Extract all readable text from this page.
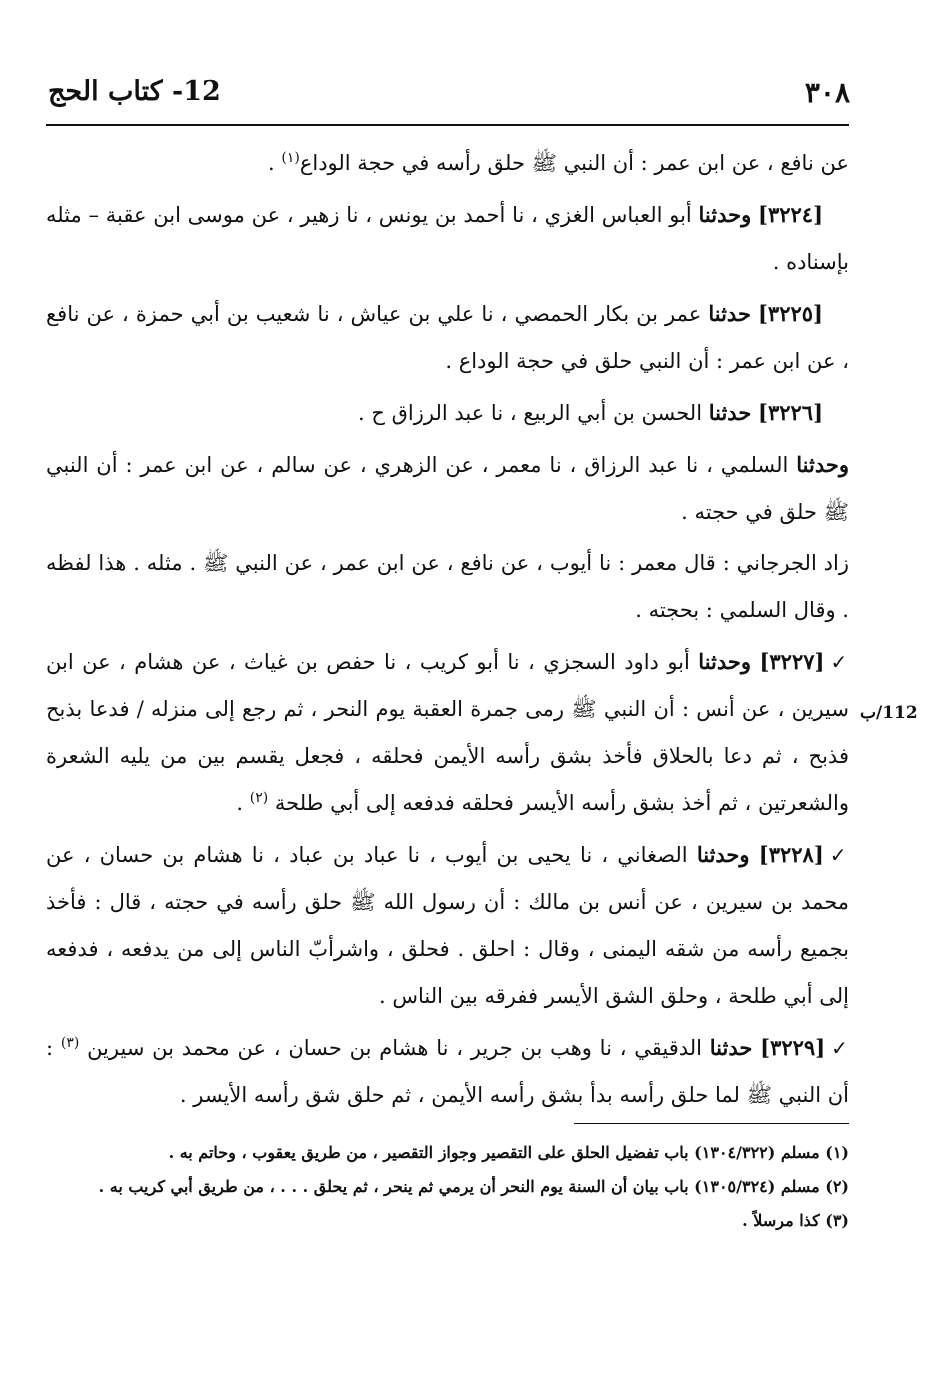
٣٠٨
12- كتاب الحج
112/ب

عن نافع ، عن ابن عمر : أن النبي ﷺ حلق رأسه في حجة الوداع$^{(١)}$ .

[٣٢٢٤] وحدثنا أبو العباس الغزي ، نا أحمد بن يونس ، نا زهير ، عن موسى ابن عقبة – مثله بإسناده .

[٣٢٢٥] حدثنا عمر بن بكار الحمصي ، نا علي بن عياش ، نا شعيب بن أبي حمزة ، عن نافع ، عن ابن عمر : أن النبي حلق في حجة الوداع .

[٣٢٢٦] حدثنا الحسن بن أبي الربيع ، نا عبد الرزاق ح .

وحدثنا السلمي ، نا عبد الرزاق ، نا معمر ، عن الزهري ، عن سالم ، عن ابن عمر : أن النبي ﷺ حلق في حجته .

زاد الجرجاني : قال معمر : نا أيوب ، عن نافع ، عن ابن عمر ، عن النبي ﷺ . مثله . هذا لفظه . وقال السلمي : بحجته .

✓[٣٢٢٧] وحدثنا أبو داود السجزي ، نا أبو كريب ، نا حفص بن غياث ، عن هشام ، عن ابن سيرين ، عن أنس : أن النبي ﷺ رمى جمرة العقبة يوم النحر ، ثم رجع إلى منزله / فدعا بذبح فذبح ، ثم دعا بالحلاق فأخذ بشق رأسه الأيمن فحلقه ، فجعل يقسم بين من يليه الشعرة والشعرتين ، ثم أخذ بشق رأسه الأيسر فحلقه فدفعه إلى أبي طلحة $^{(٢)}$ .

✓[٣٢٢٨] وحدثنا الصغاني ، نا يحيى بن أيوب ، نا عباد بن عباد ، نا هشام بن حسان ، عن محمد بن سيرين ، عن أنس بن مالك : أن رسول الله ﷺ حلق رأسه في حجته ، قال : فأخذ بجميع رأسه من شقه اليمنى ، وقال : احلق . فحلق ، واشرأبّ الناس إلى من يدفعه ، فدفعه إلى أبي طلحة ، وحلق الشق الأيسر ففرقه بين الناس .

✓[٣٢٢٩] حدثنا الدقيقي ، نا وهب بن جرير ، نا هشام بن حسان ، عن محمد بن سيرين $^{(٣)}$ : أن النبي ﷺ لما حلق رأسه بدأ بشق رأسه الأيمن ، ثم حلق شق رأسه الأيسر .

(١) مسلم (١٣٠٤/٣٢٢) باب تفضيل الحلق على التقصير وجواز التقصير ، من طريق يعقوب ، وحاتم به .

(٢) مسلم (١٣٠٥/٣٢٤) باب بيان أن السنة يوم النحر أن يرمي ثم ينحر ، ثم يحلق . . . ، من طريق أبي كريب به .

(٣) كذا مرسلاً .
